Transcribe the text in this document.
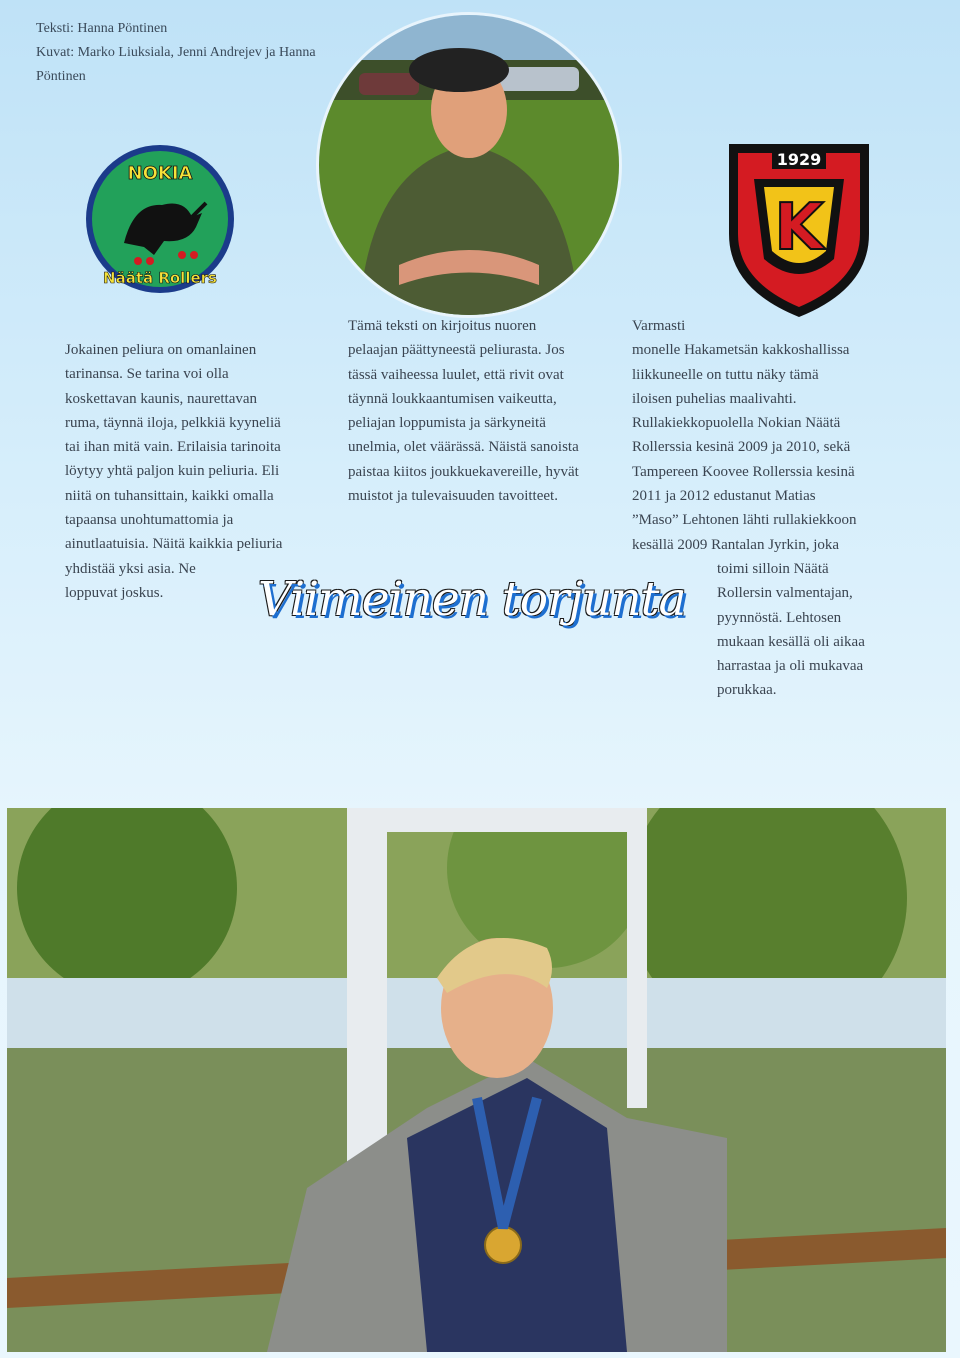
Teksti: Hanna Pöntinen
Kuvat: Marko Liuksiala, Jenni Andrejev ja Hanna Pöntinen
NOKIA
Näätä Rollers
1929
K

Jokainen peliura on omanlainen

tarinansa. Se tarina voi olla

koskettavan kaunis, naurettavan

ruma, täynnä iloja, pelkkiä kyyneliä

tai ihan mitä vain. Erilaisia tarinoita

löytyy yhtä paljon kuin peliuria. Eli

niitä on tuhansittain, kaikki omalla

tapaansa unohtumattomia ja

ainutlaatuisia. Näitä kaikkia peliuria

yhdistää yksi asia. Ne

loppuvat joskus.

Tämä teksti on kirjoitus nuoren

pelaajan päättyneestä peliurasta. Jos

tässä vaiheessa luulet, että rivit ovat

täynnä loukkaantumisen vaikeutta,

peliajan loppumista ja särkyneitä

unelmia, olet väärässä. Näistä sanoista

paistaa kiitos joukkuekavereille, hyvät

muistot ja tulevaisuuden tavoitteet.

Varmasti

monelle Hakametsän kakkoshallissa

liikkuneelle on tuttu näky tämä

iloisen puhelias maalivahti.

Rullakiekkopuolella Nokian Näätä

Rollerssia kesinä 2009 ja 2010, sekä

Tampereen Koovee Rollerssia kesinä

2011 ja 2012 edustanut Matias

”Maso” Lehtonen lähti rullakiekkoon

kesällä 2009 Rantalan Jyrkin, joka

toimi silloin Näätä

Rollersin valmentajan,

pyynnöstä. Lehtosen

mukaan kesällä oli aikaa

harrastaa ja oli mukavaa

porukkaa.

Viimeinen torjunta
